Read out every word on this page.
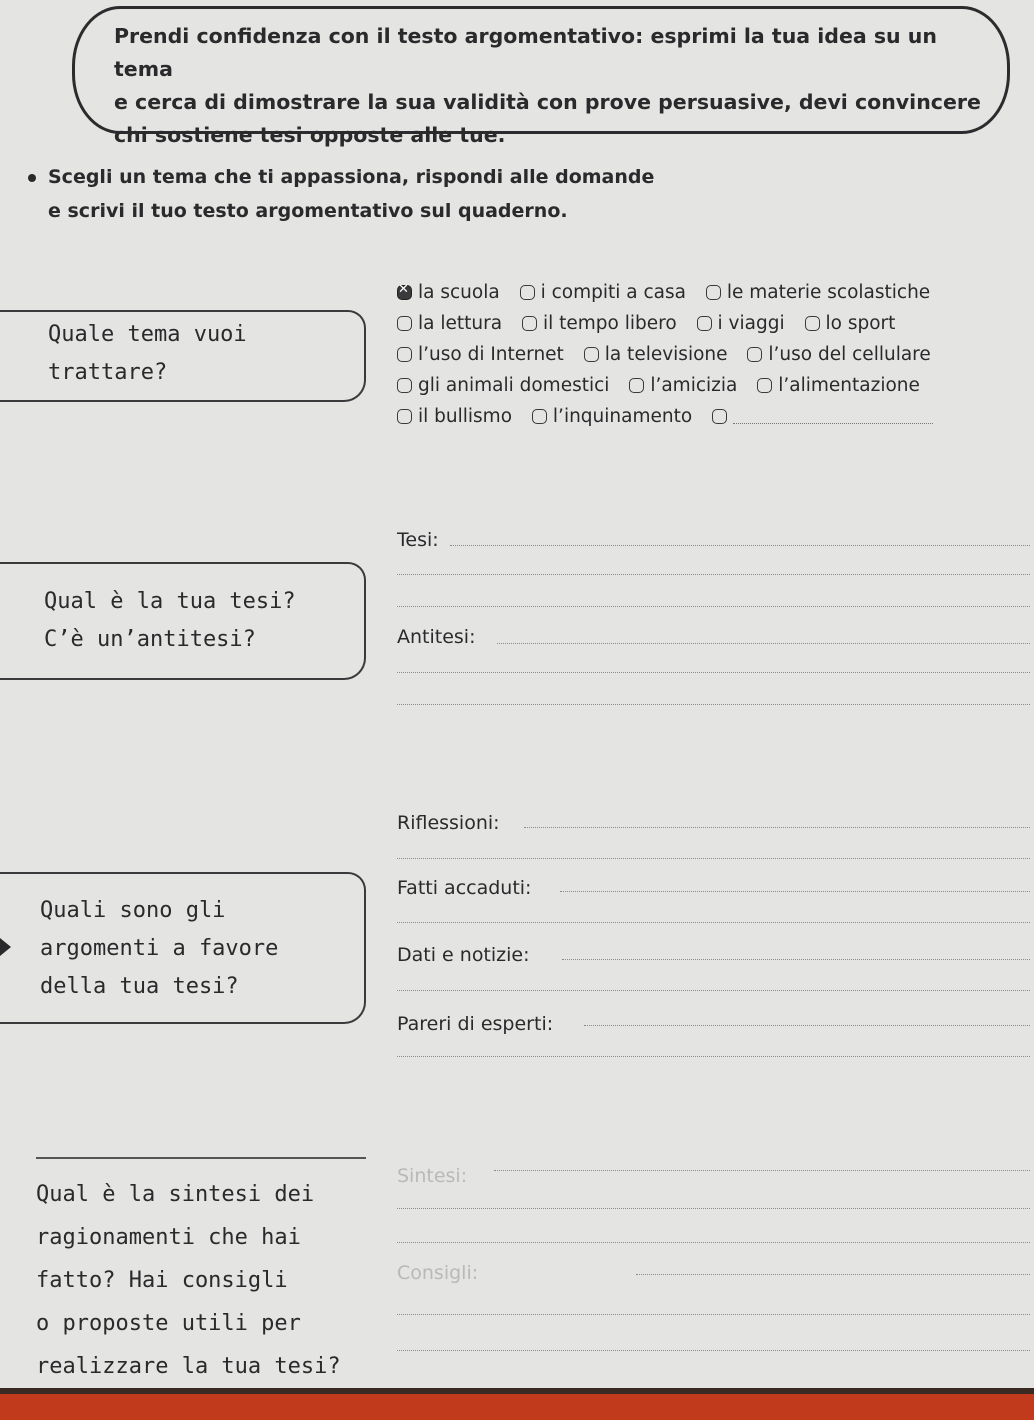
Prendi confidenza con il testo argomentativo: esprimi la tua idea su un tema
e cerca di dimostrare la sua validità con prove persuasive, devi convincere
chi sostiene tesi opposte alle tue.

Scegli un tema che ti appassiona, rispondi alle domande
e scrivi il tuo testo argomentativo sul quaderno.

Quale tema vuoi
trattare?

✕
la scuola
i compiti a casa
le materie scolastiche
la lettura
il tempo libero
i viaggi
lo sport
l’uso di Internet
la televisione
l’uso del cellulare
gli animali domestici
l’amicizia
l’alimentazione
il bullismo
l’inquinamento

Qual è la tua tesi?
C’è un’antitesi?

Tesi:
Antitesi:

Quali sono gli
argomenti a favore
della tua tesi?

Riflessioni:
Fatti accaduti:
Dati e notizie:
Pareri di esperti:

Qual è la sintesi dei
ragionamenti che hai
fatto? Hai consigli
o proposte utili per
realizzare la tua tesi?

Sintesi:
Consigli:
